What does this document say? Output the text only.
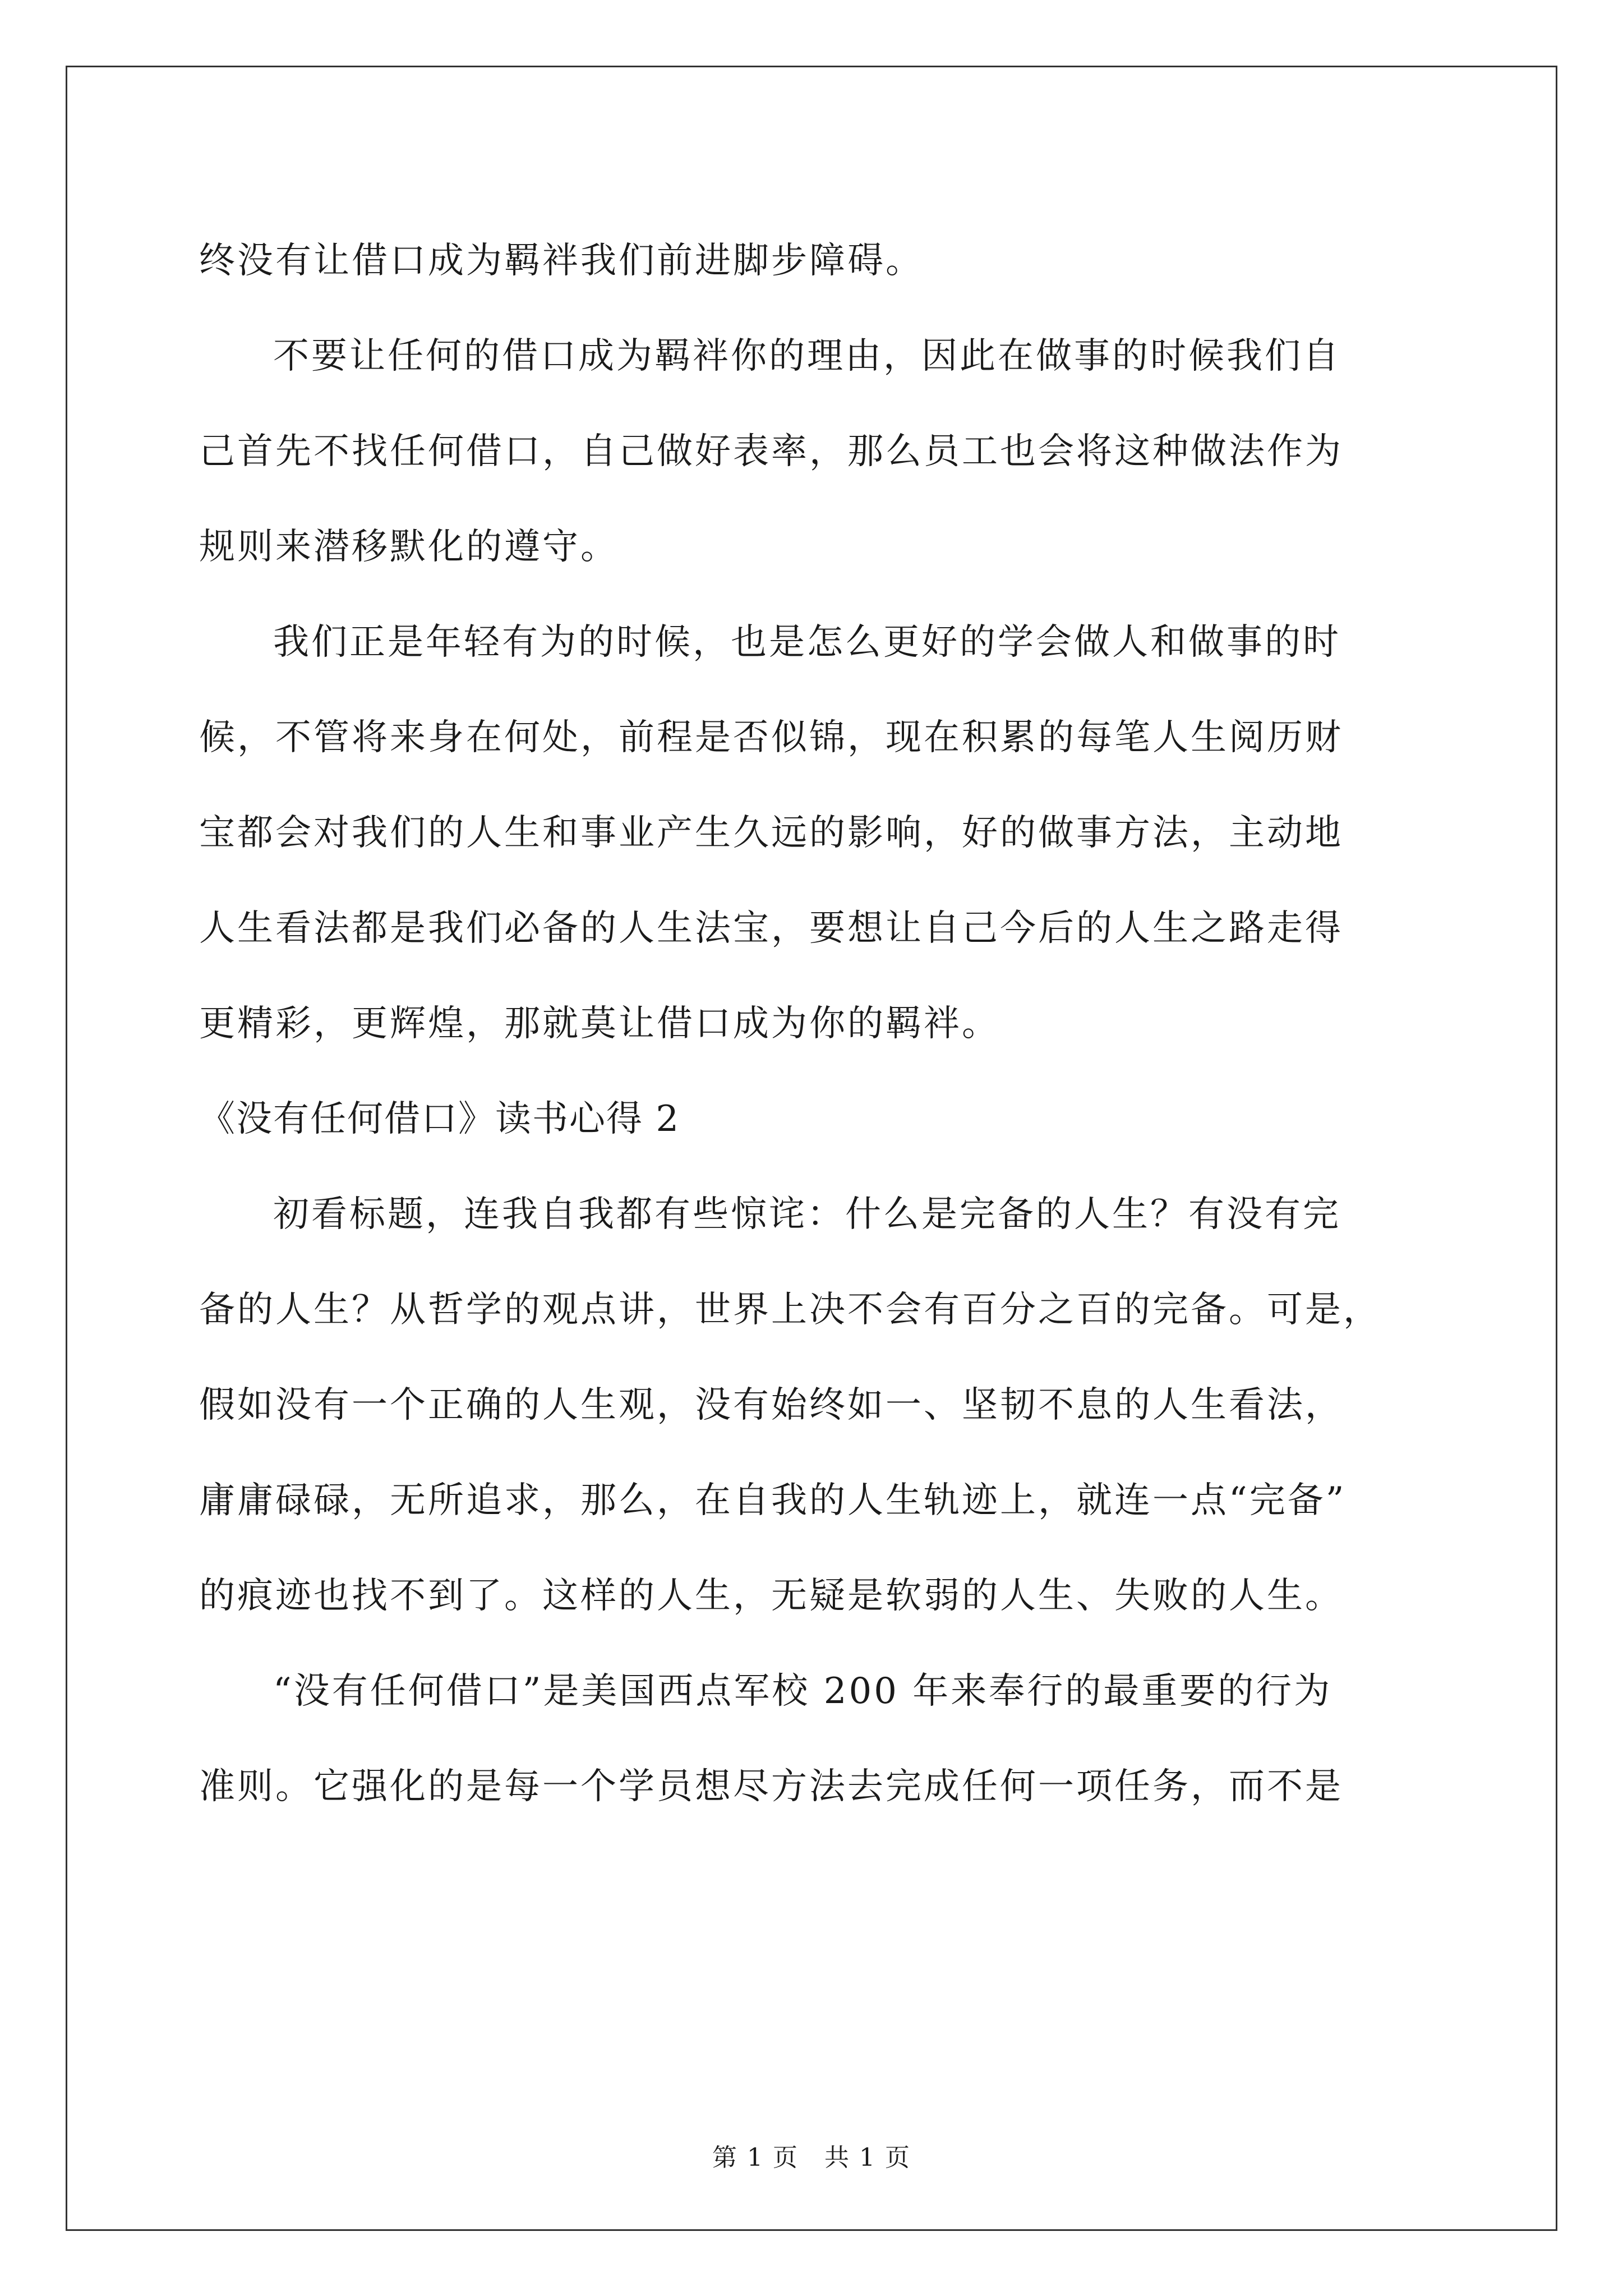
终没有让借口成为羁袢我们前进脚步障碍。
不要让任何的借口成为羁袢你的理由，因此在做事的时候我们自
己首先不找任何借口，自己做好表率，那么员工也会将这种做法作为
规则来潜移默化的遵守。
我们正是年轻有为的时候，也是怎么更好的学会做人和做事的时
候，不管将来身在何处，前程是否似锦，现在积累的每笔人生阅历财
宝都会对我们的人生和事业产生久远的影响，好的做事方法，主动地
人生看法都是我们必备的人生法宝，要想让自己今后的人生之路走得
更精彩，更辉煌，那就莫让借口成为你的羁袢。
《没有任何借口》读书心得 2
初看标题，连我自我都有些惊诧：什么是完备的人生？有没有完
备的人生？从哲学的观点讲，世界上决不会有百分之百的完备。可是，
假如没有一个正确的人生观，没有始终如一、坚韧不息的人生看法，
庸庸碌碌，无所追求，那么，在自我的人生轨迹上，就连一点“完备”
的痕迹也找不到了。这样的人生，无疑是软弱的人生、失败的人生。
“没有任何借口”是美国西点军校 200 年来奉行的最重要的行为
准则。它强化的是每一个学员想尽方法去完成任何一项任务，而不是
第 1 页　共 1 页
